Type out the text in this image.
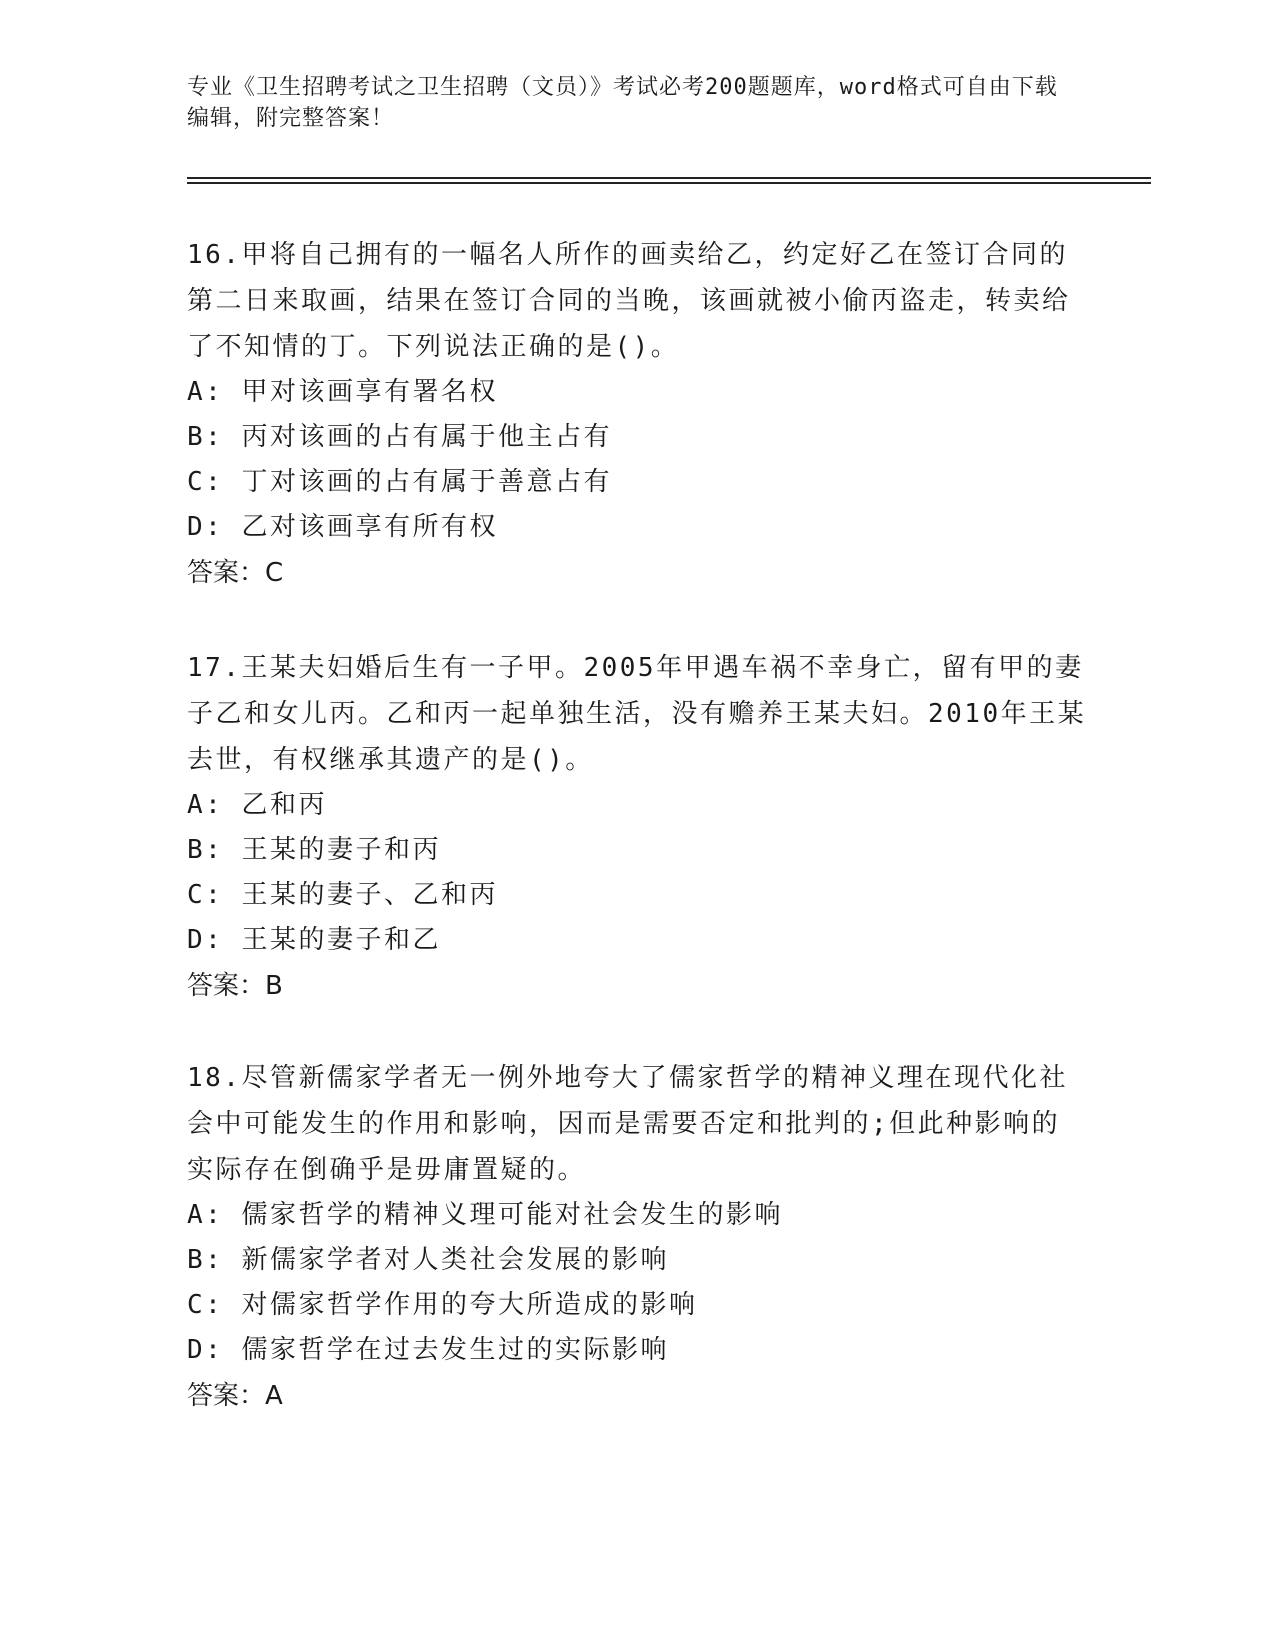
专业《卫生招聘考试之卫生招聘（文员）》考试必考200题题库，word格式可自由下载编辑，附完整答案！

16.甲将自己拥有的一幅名人所作的画卖给乙，约定好乙在签订合同的第二日来取画，结果在签订合同的当晚，该画就被小偷丙盗走，转卖给了不知情的丁。下列说法正确的是()。

A: 甲对该画享有署名权

B: 丙对该画的占有属于他主占有

C: 丁对该画的占有属于善意占有

D: 乙对该画享有所有权

答案：C

17.王某夫妇婚后生有一子甲。2005年甲遇车祸不幸身亡，留有甲的妻子乙和女儿丙。乙和丙一起单独生活，没有赡养王某夫妇。2010年王某去世，有权继承其遗产的是()。

A: 乙和丙

B: 王某的妻子和丙

C: 王某的妻子、乙和丙

D: 王某的妻子和乙

答案：B

18.尽管新儒家学者无一例外地夸大了儒家哲学的精神义理在现代化社会中可能发生的作用和影响，因而是需要否定和批判的;但此种影响的实际存在倒确乎是毋庸置疑的。

A: 儒家哲学的精神义理可能对社会发生的影响

B: 新儒家学者对人类社会发展的影响

C: 对儒家哲学作用的夸大所造成的影响

D: 儒家哲学在过去发生过的实际影响

答案：A
